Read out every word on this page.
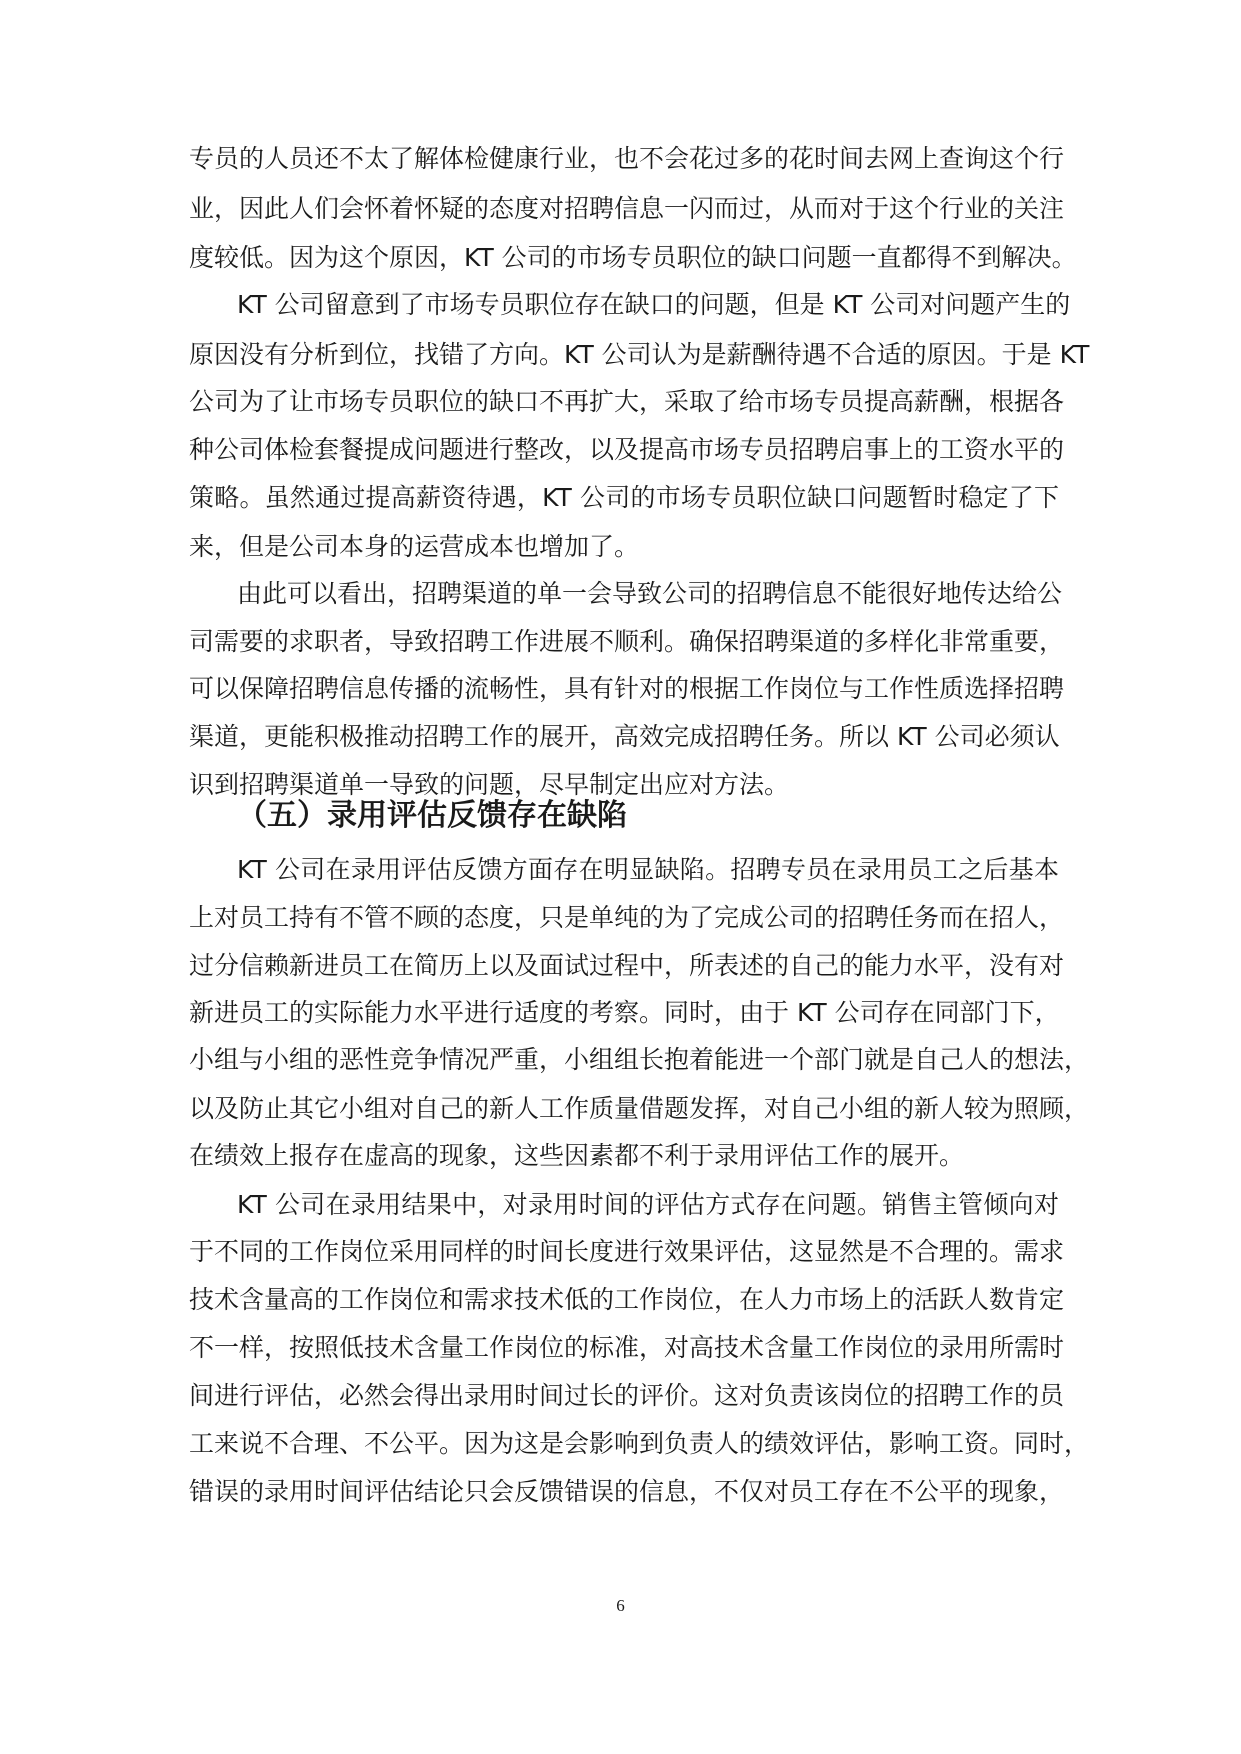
专员的人员还不太了解体检健康行业，也不会花过多的花时间去网上查询这个行
业，因此人们会怀着怀疑的态度对招聘信息一闪而过，从而对于这个行业的关注
度较低。因为这个原因，KT 公司的市场专员职位的缺口问题一直都得不到解决。
KT 公司留意到了市场专员职位存在缺口的问题，但是 KT 公司对问题产生的
原因没有分析到位，找错了方向。KT 公司认为是薪酬待遇不合适的原因。于是 KT
公司为了让市场专员职位的缺口不再扩大，采取了给市场专员提高薪酬，根据各
种公司体检套餐提成问题进行整改，以及提高市场专员招聘启事上的工资水平的
策略。虽然通过提高薪资待遇，KT 公司的市场专员职位缺口问题暂时稳定了下
来，但是公司本身的运营成本也增加了。
由此可以看出，招聘渠道的单一会导致公司的招聘信息不能很好地传达给公
司需要的求职者，导致招聘工作进展不顺利。确保招聘渠道的多样化非常重要，
可以保障招聘信息传播的流畅性，具有针对的根据工作岗位与工作性质选择招聘
渠道，更能积极推动招聘工作的展开，高效完成招聘任务。所以 KT 公司必须认
识到招聘渠道单一导致的问题，尽早制定出应对方法。
KT 公司在录用评估反馈方面存在明显缺陷。招聘专员在录用员工之后基本
上对员工持有不管不顾的态度，只是单纯的为了完成公司的招聘任务而在招人，
过分信赖新进员工在简历上以及面试过程中，所表述的自己的能力水平，没有对
新进员工的实际能力水平进行适度的考察。同时，由于 KT 公司存在同部门下，
小组与小组的恶性竞争情况严重，小组组长抱着能进一个部门就是自己人的想法，
以及防止其它小组对自己的新人工作质量借题发挥，对自己小组的新人较为照顾，
在绩效上报存在虚高的现象，这些因素都不利于录用评估工作的展开。
KT 公司在录用结果中，对录用时间的评估方式存在问题。销售主管倾向对
于不同的工作岗位采用同样的时间长度进行效果评估，这显然是不合理的。需求
技术含量高的工作岗位和需求技术低的工作岗位，在人力市场上的活跃人数肯定
不一样，按照低技术含量工作岗位的标准，对高技术含量工作岗位的录用所需时
间进行评估，必然会得出录用时间过长的评价。这对负责该岗位的招聘工作的员
工来说不合理、不公平。因为这是会影响到负责人的绩效评估，影响工资。同时，
错误的录用时间评估结论只会反馈错误的信息，不仅对员工存在不公平的现象，
（五）录用评估反馈存在缺陷
6
